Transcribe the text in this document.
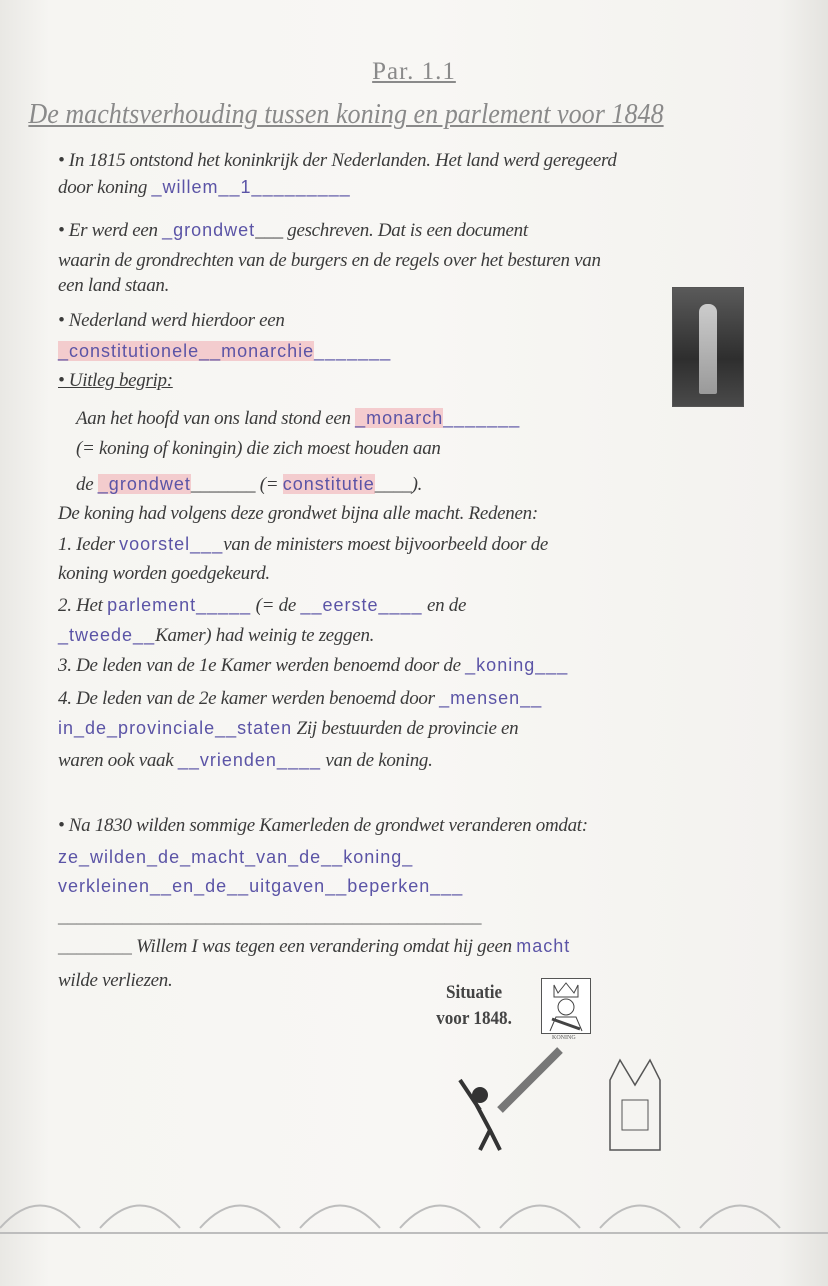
Par. 1.1
De machtsverhouding tussen koning en parlement voor 1848
• In 1815 ontstond het koninkrijk der Nederlanden. Het land werd geregeerd
door koning _willem__1_________
• Er werd een _grondwet___ geschreven. Dat is een document
waarin de grondrechten van de burgers en de regels over het besturen van
een land staan.
• Nederland werd hierdoor een
_constitutionele__monarchie_______
• Uitleg begrip:
Aan het hoofd van ons land stond een _monarch_______
(= koning of koningin) die zich moest houden aan
de _grondwet_______ (= constitutie____).
De koning had volgens deze grondwet bijna alle macht. Redenen:
1. Ieder voorstel___van de ministers moest bijvoorbeeld door de
koning worden goedgekeurd.
2. Het parlement_____ (= de __eerste____ en de
_tweede__Kamer) had weinig te zeggen.
3. De leden van de 1e Kamer werden benoemd door de _koning___
4. De leden van de 2e kamer werden benoemd door _mensen__
in_de_provinciale__staten Zij bestuurden de provincie en
waren ook vaak __vrienden____ van de koning.
• Na 1830 wilden sommige Kamerleden de grondwet veranderen omdat:
ze_wilden_de_macht_van_de__koning_
verkleinen__en_de__uitgaven__beperken___
______________________________________________
________ Willem I was tegen een verandering omdat hij geen macht
wilde verliezen.
Situatie
voor 1848.
KONING
